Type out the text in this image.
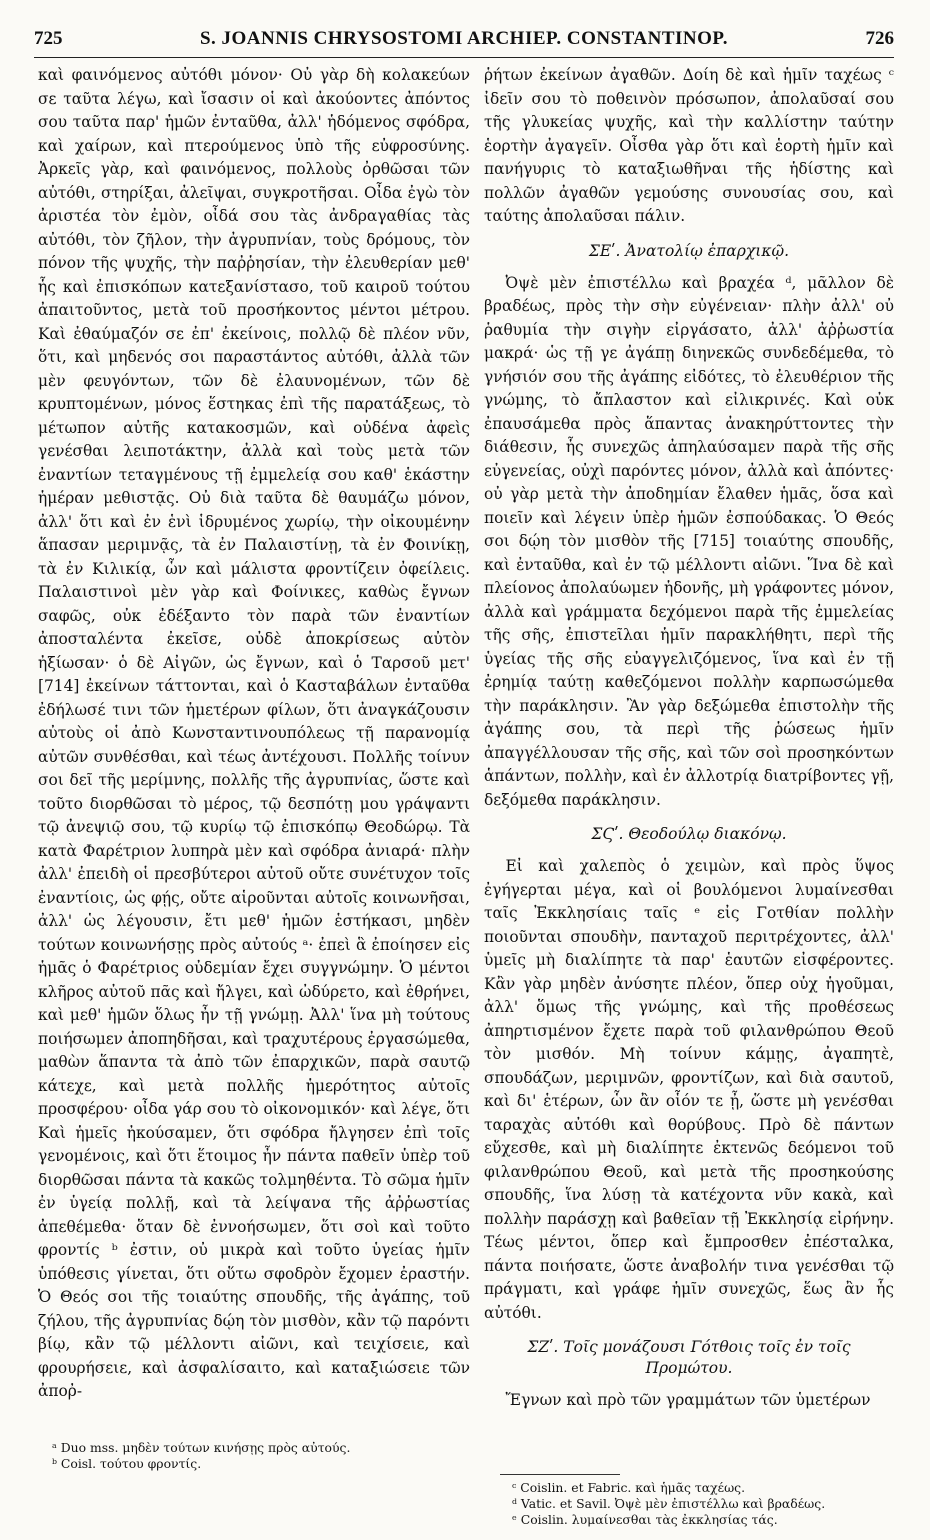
725	S. JOANNIS CHRYSOSTOMI ARCHIEP. CONSTANTINOP.	726

καὶ φαινόμενος αὐτόθι μόνον· Οὐ γὰρ δὴ κολακεύων σε ταῦτα λέγω, καὶ ἴσασιν οἱ καὶ ἀκούοντες ἀπόντος σου ταῦτα παρ' ἡμῶν ἐνταῦθα, ἀλλ' ἡδόμενος σφόδρα, καὶ χαίρων, καὶ πτερούμενος ὑπὸ τῆς εὐφροσύνης. Ἀρκεῖς γὰρ, καὶ φαινόμενος, πολλοὺς ὀρθῶσαι τῶν αὐτόθι, στηρίξαι, ἀλεῖψαι, συγκροτῆσαι. Οἶδα ἐγὼ τὸν ἀριστέα τὸν ἐμὸν, οἶδά σου τὰς ἀνδραγαθίας τὰς αὐτόθι, τὸν ζῆλον, τὴν ἀγρυπνίαν, τοὺς δρόμους, τὸν πόνον τῆς ψυχῆς, τὴν παῤῥησίαν, τὴν ἐλευθερίαν μεθ' ἧς καὶ ἐπισκόπων κατεξανίστασο, τοῦ καιροῦ τούτου ἀπαιτοῦντος, μετὰ τοῦ προσήκοντος μέντοι μέτρου. Καὶ ἐθαύμαζόν σε ἐπ' ἐκείνοις, πολλῷ δὲ πλέον νῦν, ὅτι, καὶ μηδενός σοι παραστάντος αὐτόθι, ἀλλὰ τῶν μὲν φευγόντων, τῶν δὲ ἐλαυνομένων, τῶν δὲ κρυπτομένων, μόνος ἕστηκας ἐπὶ τῆς παρατάξεως, τὸ μέτωπον αὐτῆς κατακοσμῶν, καὶ οὐδένα ἀφεὶς γενέσθαι λειποτάκτην, ἀλλὰ καὶ τοὺς μετὰ τῶν ἐναντίων τεταγμένους τῇ ἐμμελείᾳ σου καθ' ἑκάστην ἡμέραν μεθιστᾷς. Οὐ διὰ ταῦτα δὲ θαυμάζω μόνον, ἀλλ' ὅτι καὶ ἐν ἑνὶ ἱδρυμένος χωρίῳ, τὴν οἰκουμένην ἅπασαν μεριμνᾷς, τὰ ἐν Παλαιστίνῃ, τὰ ἐν Φοινίκῃ, τὰ ἐν Κιλικίᾳ, ὧν καὶ μάλιστα φροντίζειν ὀφείλεις. Παλαιστινοὶ μὲν γὰρ καὶ Φοίνικες, καθὼς ἔγνων σαφῶς, οὐκ ἐδέξαντο τὸν παρὰ τῶν ἐναντίων ἀποσταλέντα ἐκεῖσε, οὐδὲ ἀποκρίσεως αὐτὸν ἠξίωσαν· ὁ δὲ Αἰγῶν, ὡς ἔγνων, καὶ ὁ Ταρσοῦ μετ' [714] ἐκείνων τάττονται, καὶ ὁ Κασταβάλων ἐνταῦθα ἐδήλωσέ τινι τῶν ἡμετέρων φίλων, ὅτι ἀναγκάζουσιν αὐτοὺς οἱ ἀπὸ Κωνσταντινουπόλεως τῇ παρανομίᾳ αὐτῶν συνθέσθαι, καὶ τέως ἀντέχουσι. Πολλῆς τοίνυν σοι δεῖ τῆς μερίμνης, πολλῆς τῆς ἀγρυπνίας, ὥστε καὶ τοῦτο διορθῶσαι τὸ μέρος, τῷ δεσπότῃ μου γράψαντι τῷ ἀνεψιῷ σου, τῷ κυρίῳ τῷ ἐπισκόπῳ Θεοδώρῳ. Τὰ κατὰ Φαρέτριον λυπηρὰ μὲν καὶ σφόδρα ἀνιαρά· πλὴν ἀλλ' ἐπειδὴ οἱ πρεσβύτεροι αὐτοῦ οὔτε συνέτυχον τοῖς ἐναντίοις, ὡς φῄς, οὔτε αἱροῦνται αὐτοῖς κοινωνῆσαι, ἀλλ' ὡς λέγουσιν, ἔτι μεθ' ἡμῶν ἑστήκασι, μηδὲν τούτων κοινωνήσῃς πρὸς αὐτούς ᵃ· ἐπεὶ ἃ ἐποίησεν εἰς ἡμᾶς ὁ Φαρέτριος οὐδεμίαν ἔχει συγγνώμην. Ὁ μέντοι κλῆρος αὐτοῦ πᾶς καὶ ἤλγει, καὶ ὠδύρετο, καὶ ἐθρήνει, καὶ μεθ' ἡμῶν ὅλως ἦν τῇ γνώμῃ. Ἀλλ' ἵνα μὴ τούτους ποιήσωμεν ἀποπηδῆσαι, καὶ τραχυτέρους ἐργασώμεθα, μαθὼν ἅπαντα τὰ ἀπὸ τῶν ἐπαρχικῶν, παρὰ σαυτῷ κάτεχε, καὶ μετὰ πολλῆς ἡμερότητος αὐτοῖς προσφέρου· οἶδα γάρ σου τὸ οἰκονομικόν· καὶ λέγε, ὅτι Καὶ ἡμεῖς ἠκούσαμεν, ὅτι σφόδρα ἤλγησεν ἐπὶ τοῖς γενομένοις, καὶ ὅτι ἕτοιμος ἦν πάντα παθεῖν ὑπὲρ τοῦ διορθῶσαι πάντα τὰ κακῶς τολμηθέντα. Τὸ σῶμα ἡμῖν ἐν ὑγείᾳ πολλῇ, καὶ τὰ λείψανα τῆς ἀῤῥωστίας ἀπεθέμεθα· ὅταν δὲ ἐννοήσωμεν, ὅτι σοὶ καὶ τοῦτο φροντίς ᵇ ἐστιν, οὐ μικρὰ καὶ τοῦτο ὑγείας ἡμῖν ὑπόθεσις γίνεται, ὅτι οὕτω σφοδρὸν ἔχομεν ἐραστήν. Ὁ Θεός σοι τῆς τοιαύτης σπουδῆς, τῆς ἀγάπης, τοῦ ζήλου, τῆς ἀγρυπνίας δῴη τὸν μισθὸν, κἂν τῷ παρόντι βίῳ, κἂν τῷ μέλλοντι αἰῶνι, καὶ τειχίσειε, καὶ φρουρήσειε, καὶ ἀσφαλίσαιτο, καὶ καταξιώσειε τῶν ἀποῤ-

ῥήτων ἐκείνων ἀγαθῶν. Δοίη δὲ καὶ ἡμῖν ταχέως ᶜ ἰδεῖν σου τὸ ποθεινὸν πρόσωπον, ἀπολαῦσαί σου τῆς γλυκείας ψυχῆς, καὶ τὴν καλλίστην ταύτην ἑορτὴν ἀγαγεῖν. Οἶσθα γὰρ ὅτι καὶ ἑορτὴ ἡμῖν καὶ πανήγυρις τὸ καταξιωθῆναι τῆς ἡδίστης καὶ πολλῶν ἀγαθῶν γεμούσης συνουσίας σου, καὶ ταύτης ἀπολαῦσαι πάλιν.

ΣΕʹ. Ἀνατολίῳ ἐπαρχικῷ.

Ὀψὲ μὲν ἐπιστέλλω καὶ βραχέα ᵈ, μᾶλλον δὲ βραδέως, πρὸς τὴν σὴν εὐγένειαν· πλὴν ἀλλ' οὐ ῥαθυμία τὴν σιγὴν εἰργάσατο, ἀλλ' ἀῤῥωστία μακρά· ὡς τῇ γε ἀγάπῃ διηνεκῶς συνδεδέμεθα, τὸ γνήσιόν σου τῆς ἀγάπης εἰδότες, τὸ ἐλευθέριον τῆς γνώμης, τὸ ἄπλαστον καὶ εἰλικρινές. Καὶ οὐκ ἐπαυσάμεθα πρὸς ἅπαντας ἀνακηρύττοντες τὴν διάθεσιν, ἧς συνεχῶς ἀπηλαύσαμεν παρὰ τῆς σῆς εὐγενείας, οὐχὶ παρόντες μόνον, ἀλλὰ καὶ ἀπόντες· οὐ γὰρ μετὰ τὴν ἀποδημίαν ἔλαθεν ἡμᾶς, ὅσα καὶ ποιεῖν καὶ λέγειν ὑπὲρ ἡμῶν ἐσπούδακας. Ὁ Θεός σοι δῴη τὸν μισθὸν τῆς [715] τοιαύτης σπουδῆς, καὶ ἐνταῦθα, καὶ ἐν τῷ μέλλοντι αἰῶνι. Ἵνα δὲ καὶ πλείονος ἀπολαύωμεν ἡδονῆς, μὴ γράφοντες μόνον, ἀλλὰ καὶ γράμματα δεχόμενοι παρὰ τῆς ἐμμελείας τῆς σῆς, ἐπιστεῖλαι ἡμῖν παρακλήθητι, περὶ τῆς ὑγείας τῆς σῆς εὐαγγελιζόμενος, ἵνα καὶ ἐν τῇ ἐρημίᾳ ταύτῃ καθεζόμενοι πολλὴν καρπωσώμεθα τὴν παράκλησιν. Ἂν γὰρ δεξώμεθα ἐπιστολὴν τῆς ἀγάπης σου, τὰ περὶ τῆς ῥώσεως ἡμῖν ἀπαγγέλλουσαν τῆς σῆς, καὶ τῶν σοὶ προσηκόντων ἁπάντων, πολλὴν, καὶ ἐν ἀλλοτρίᾳ διατρίβοντες γῇ, δεξόμεθα παράκλησιν.

ΣϚʹ. Θεοδούλῳ διακόνῳ.

Εἰ καὶ χαλεπὸς ὁ χειμὼν, καὶ πρὸς ὕψος ἐγήγερται μέγα, καὶ οἱ βουλόμενοι λυμαίνεσθαι ταῖς Ἐκκλησίαις ταῖς ᵉ εἰς Γοτθίαν πολλὴν ποιοῦνται σπουδὴν, πανταχοῦ περιτρέχοντες, ἀλλ' ὑμεῖς μὴ διαλίπητε τὰ παρ' ἑαυτῶν εἰσφέροντες. Κἂν γὰρ μηδὲν ἀνύσητε πλέον, ὅπερ οὐχ ἡγοῦμαι, ἀλλ' ὅμως τῆς γνώμης, καὶ τῆς προθέσεως ἀπηρτισμένον ἔχετε παρὰ τοῦ φιλανθρώπου Θεοῦ τὸν μισθόν. Μὴ τοίνυν κάμῃς, ἀγαπητὲ, σπουδάζων, μεριμνῶν, φροντίζων, καὶ διὰ σαυτοῦ, καὶ δι' ἑτέρων, ὧν ἂν οἷόν τε ᾖ, ὥστε μὴ γενέσθαι ταραχὰς αὐτόθι καὶ θορύβους. Πρὸ δὲ πάντων εὔχεσθε, καὶ μὴ διαλίπητε ἐκτενῶς δεόμενοι τοῦ φιλανθρώπου Θεοῦ, καὶ μετὰ τῆς προσηκούσης σπουδῆς, ἵνα λύσῃ τὰ κατέχοντα νῦν κακὰ, καὶ πολλὴν παράσχῃ καὶ βαθεῖαν τῇ Ἐκκλησίᾳ εἰρήνην. Τέως μέντοι, ὅπερ καὶ ἔμπροσθεν ἐπέσταλκα, πάντα ποιήσατε, ὥστε ἀναβολήν τινα γενέσθαι τῷ πράγματι, καὶ γράφε ἡμῖν συνεχῶς, ἕως ἂν ἧς αὐτόθι.

ΣΖʹ. Τοῖς μονάζουσι Γότθοις τοῖς ἐν τοῖς Προμώτου.

Ἔγνων καὶ πρὸ τῶν γραμμάτων τῶν ὑμετέρων

ᵃ Duo mss. μηδὲν τούτων κινήσῃς πρὸς αὐτούς.
ᵇ Coisl. τούτου φροντίς.
ᶜ Coislin. et Fabric. καὶ ἡμᾶς ταχέως.
ᵈ Vatic. et Savil. Ὀψὲ μὲν ἐπιστέλλω καὶ βραδέως.
ᵉ Coislin. λυμαίνεσθαι τὰς ἐκκλησίας τάς.
